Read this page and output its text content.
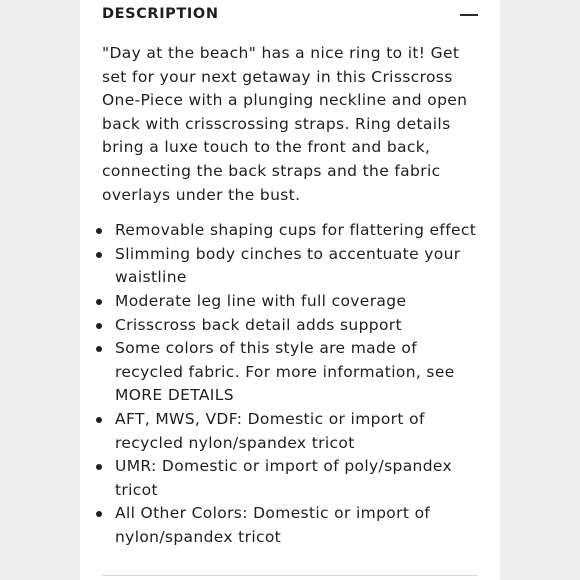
DESCRIPTION

"Day at the beach" has a nice ring to it! Get set for your next getaway in this Crisscross One-Piece with a plunging neckline and open back with crisscrossing straps. Ring details bring a luxe touch to the front and back, connecting the back straps and the fabric overlays under the bust.

Removable shaping cups for flattering effect
Slimming body cinches to accentuate your waistline
Moderate leg line with full coverage
Crisscross back detail adds support
Some colors of this style are made of recycled fabric. For more information, see MORE DETAILS
AFT, MWS, VDF: Domestic or import of recycled nylon/spandex tricot
UMR: Domestic or import of poly/spandex tricot
All Other Colors: Domestic or import of nylon/spandex tricot
